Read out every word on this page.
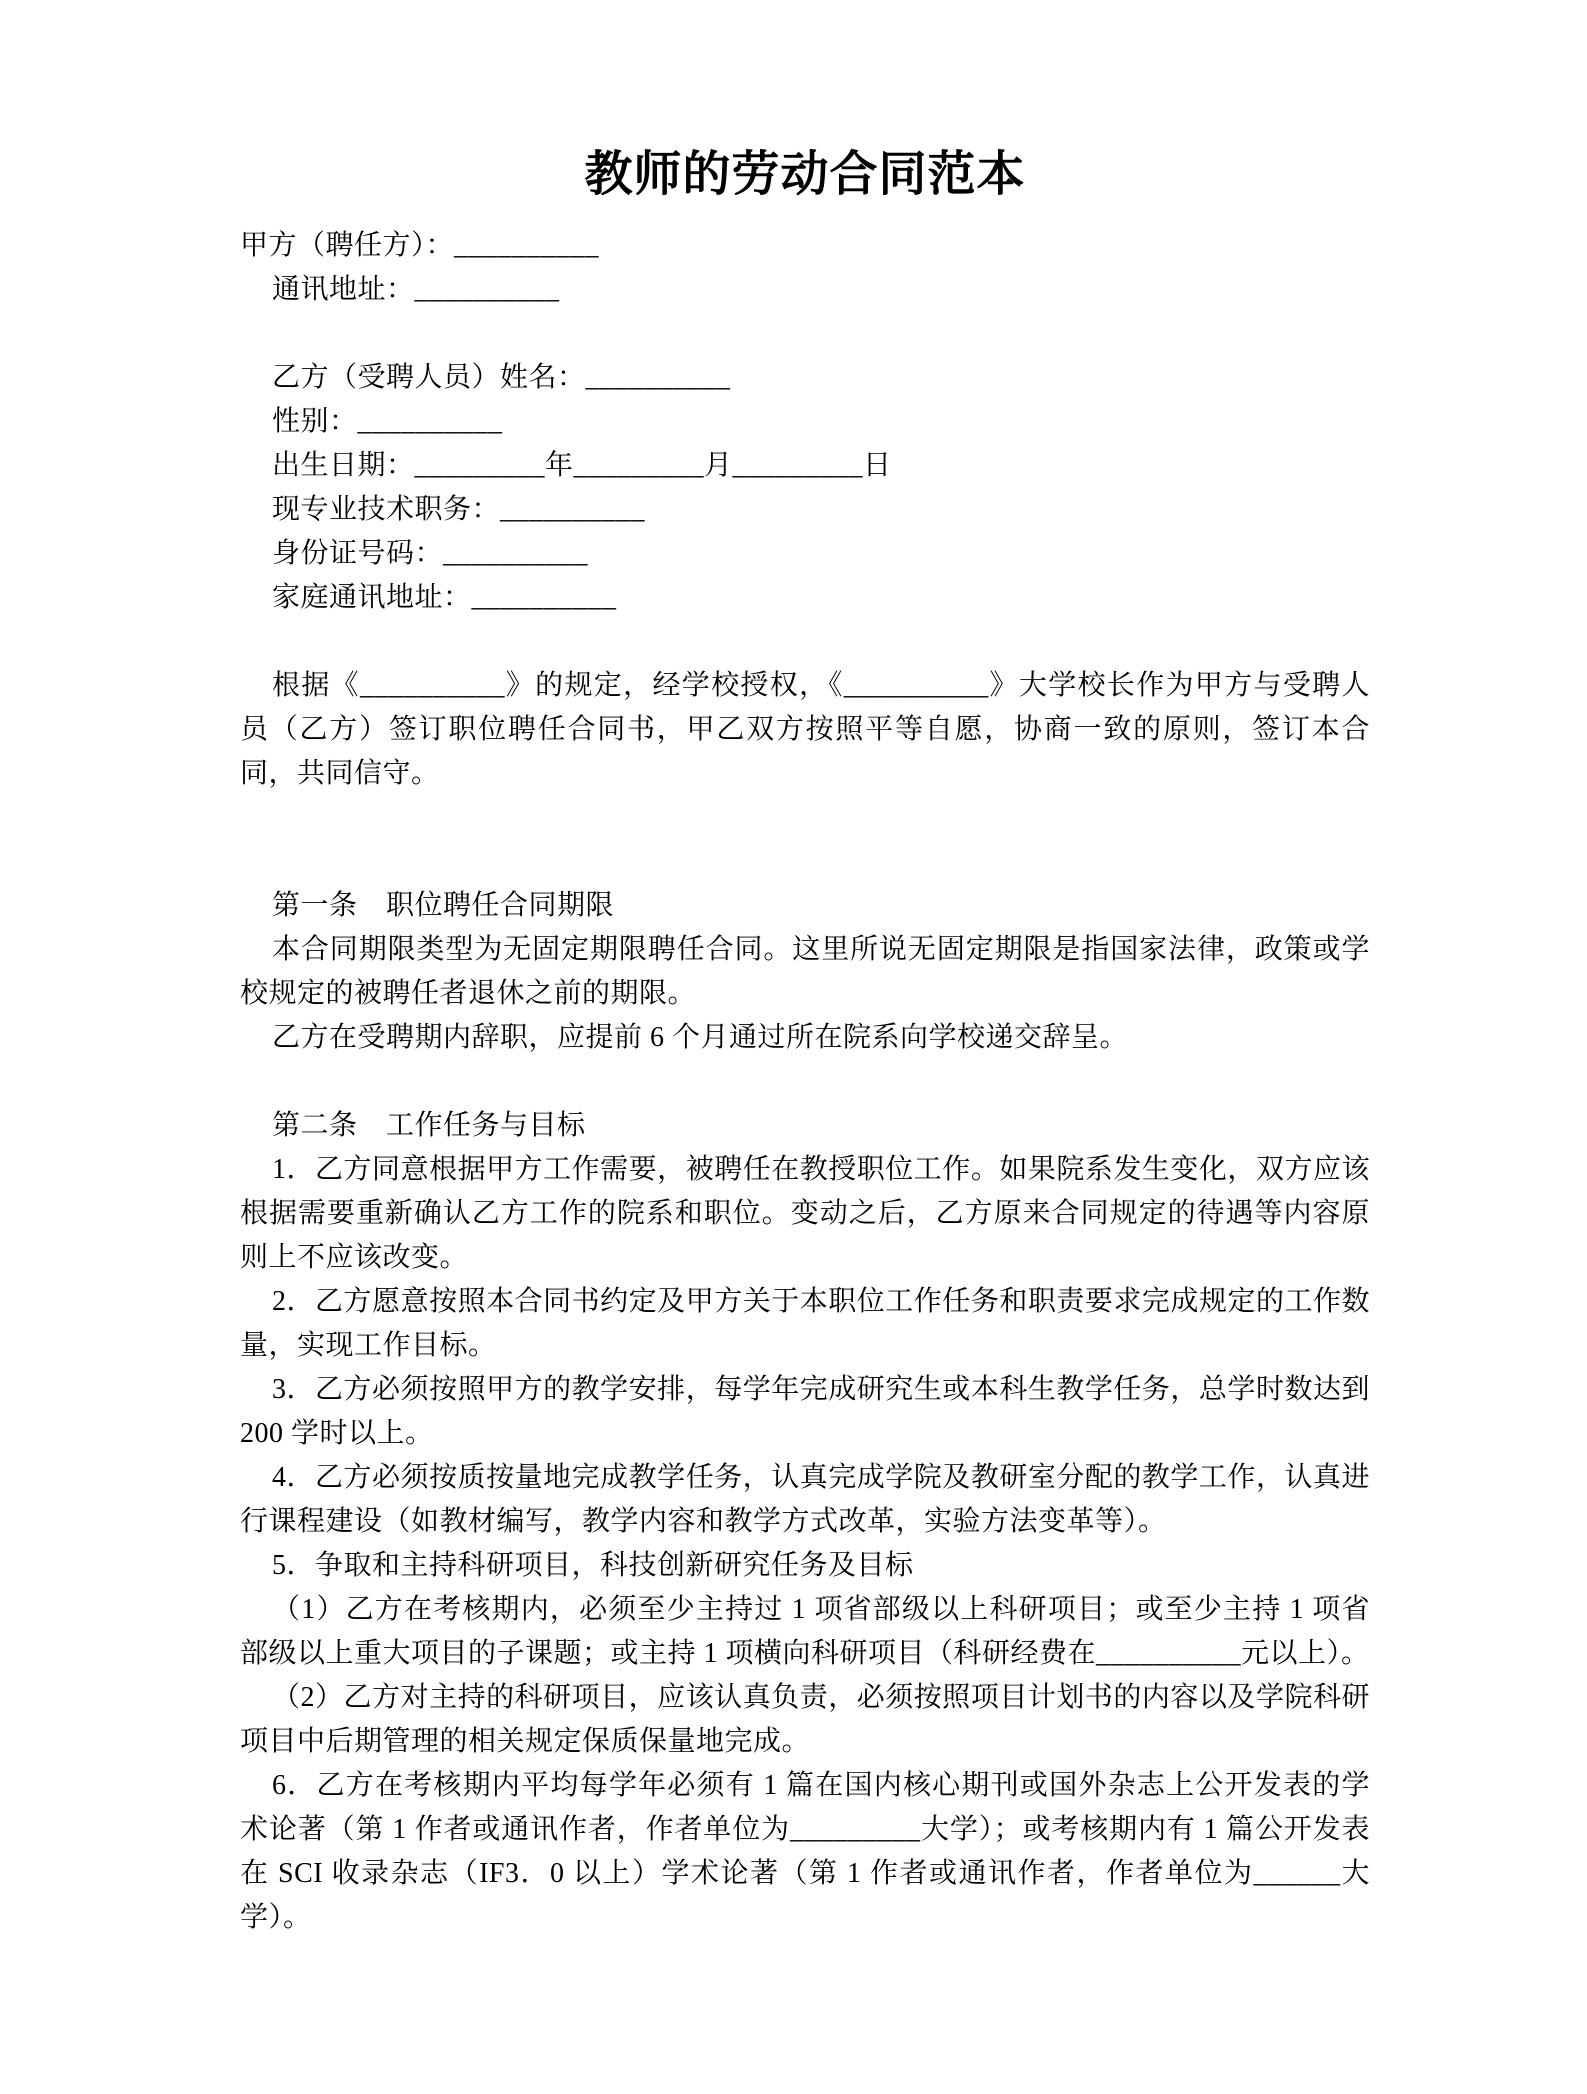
教师的劳动合同范本

甲方（聘任方）：__________

通讯地址：__________

乙方（受聘人员）姓名：__________

性别：__________

出生日期：_________年_________月_________日

现专业技术职务：__________

身份证号码：__________

家庭通讯地址：__________

根据《__________》的规定，经学校授权，《__________》大学校长作为甲方与受聘人员（乙方）签订职位聘任合同书，甲乙双方按照平等自愿，协商一致的原则，签订本合同，共同信守。

第一条　职位聘任合同期限

本合同期限类型为无固定期限聘任合同。这里所说无固定期限是指国家法律，政策或学校规定的被聘任者退休之前的期限。

乙方在受聘期内辞职，应提前 6 个月通过所在院系向学校递交辞呈。

第二条　工作任务与目标

1．乙方同意根据甲方工作需要，被聘任在教授职位工作。如果院系发生变化，双方应该根据需要重新确认乙方工作的院系和职位。变动之后，乙方原来合同规定的待遇等内容原则上不应该改变。

2．乙方愿意按照本合同书约定及甲方关于本职位工作任务和职责要求完成规定的工作数量，实现工作目标。

3．乙方必须按照甲方的教学安排，每学年完成研究生或本科生教学任务，总学时数达到 200 学时以上。

4．乙方必须按质按量地完成教学任务，认真完成学院及教研室分配的教学工作，认真进行课程建设（如教材编写，教学内容和教学方式改革，实验方法变革等）。

5．争取和主持科研项目，科技创新研究任务及目标

（1）乙方在考核期内，必须至少主持过 1 项省部级以上科研项目；或至少主持 1 项省部级以上重大项目的子课题；或主持 1 项横向科研项目（科研经费在__________元以上）。

（2）乙方对主持的科研项目，应该认真负责，必须按照项目计划书的内容以及学院科研项目中后期管理的相关规定保质保量地完成。

6．乙方在考核期内平均每学年必须有 1 篇在国内核心期刊或国外杂志上公开发表的学术论著（第 1 作者或通讯作者，作者单位为_________大学）；或考核期内有 1 篇公开发表在 SCI 收录杂志（IF3．0 以上）学术论著（第 1 作者或通讯作者，作者单位为______大学）。
